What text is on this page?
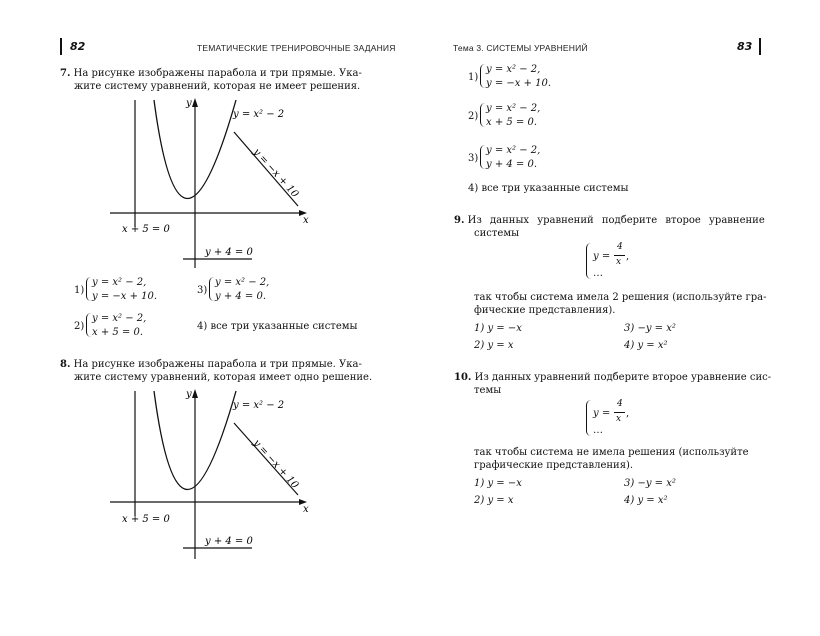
82	ТЕМАТИЧЕСКИЕ ТРЕНИРОВОЧНЫЕ ЗАДАНИЯ	Тема 3. СИСТЕМЫ УРАВНЕНИЙ	83
7. На рисунке изображены парабола и три прямые. Ука-
жите систему уравнений, которая не имеет решения.
y
x
y = x² − 2
y = −x + 10
x + 5 = 0
y + 4 = 0
1)
y = x² − 2,
y = −x + 10.
3)
y = x² − 2,
y + 4 = 0.
2)
y = x² − 2,
x + 5 = 0.
4) все три указанные системы
8. На рисунке изображены парабола и три прямые. Ука-
жите систему уравнений, которая имеет одно решение.
y
x
y = x² − 2
y = −x + 10
x + 5 = 0
y + 4 = 0
1)
y = x² − 2,
y = −x + 10.
2)
y = x² − 2,
x + 5 = 0.
3)
y = x² − 2,
y + 4 = 0.
4) все три указанные системы
9. Из данных уравнений подберите второе уравнение
системы
y =
4
x ,
…
так чтобы система имела 2 решения (используйте гра-
фические представления).
1) y = −x	3) −y = x²
2) y = x	4) y = x²
10. Из данных уравнений подберите второе уравнение сис-
темы
y =
4
x ,
…
так чтобы система не имела решения (используйте
графические представления).
1) y = −x	3) −y = x²
2) y = x	4) y = x²
